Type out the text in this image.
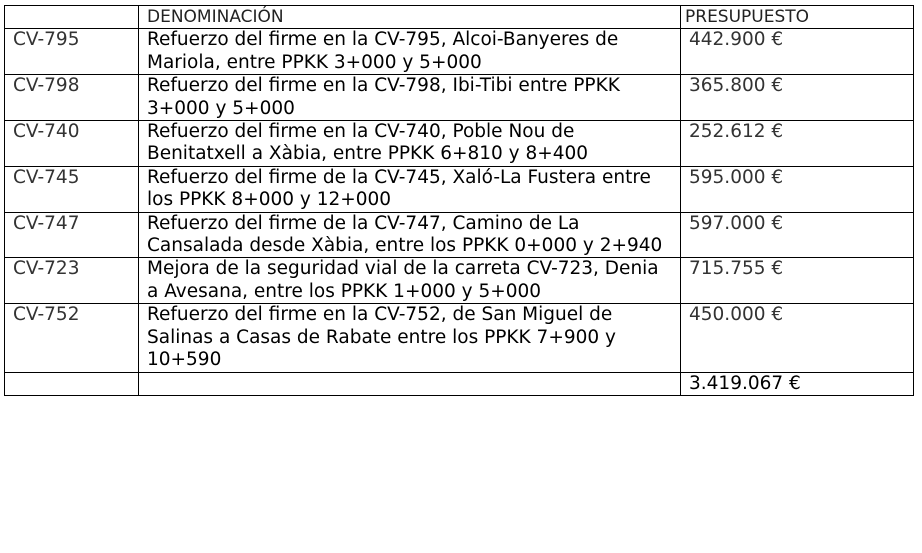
	DENOMINACIÓN	PRESUPUESTO
CV-795	Refuerzo del firme en la CV-795, Alcoi-Banyeres de Mariola, entre PPKK 3+000 y 5+000	442.900 €
CV-798	Refuerzo del firme en la CV-798, Ibi-Tibi entre PPKK 3+000 y 5+000	365.800 €
CV-740	Refuerzo del firme en la CV-740, Poble Nou de Benitatxell a Xàbia, entre PPKK 6+810 y 8+400	252.612 €
CV-745	Refuerzo del firme de la CV-745, Xaló-La Fustera entre los PPKK 8+000 y 12+000	595.000 €
CV-747	Refuerzo del firme de la CV-747, Camino de La Cansalada desde Xàbia, entre los PPKK 0+000 y 2+940	597.000 €
CV-723	Mejora de la seguridad vial de la carreta CV-723, Denia a Avesana, entre los PPKK 1+000 y 5+000	715.755 €
CV-752	Refuerzo del firme en la CV-752, de San Miguel de Salinas a Casas de Rabate entre los PPKK 7+900 y 10+590	450.000 €
		3.419.067 €
